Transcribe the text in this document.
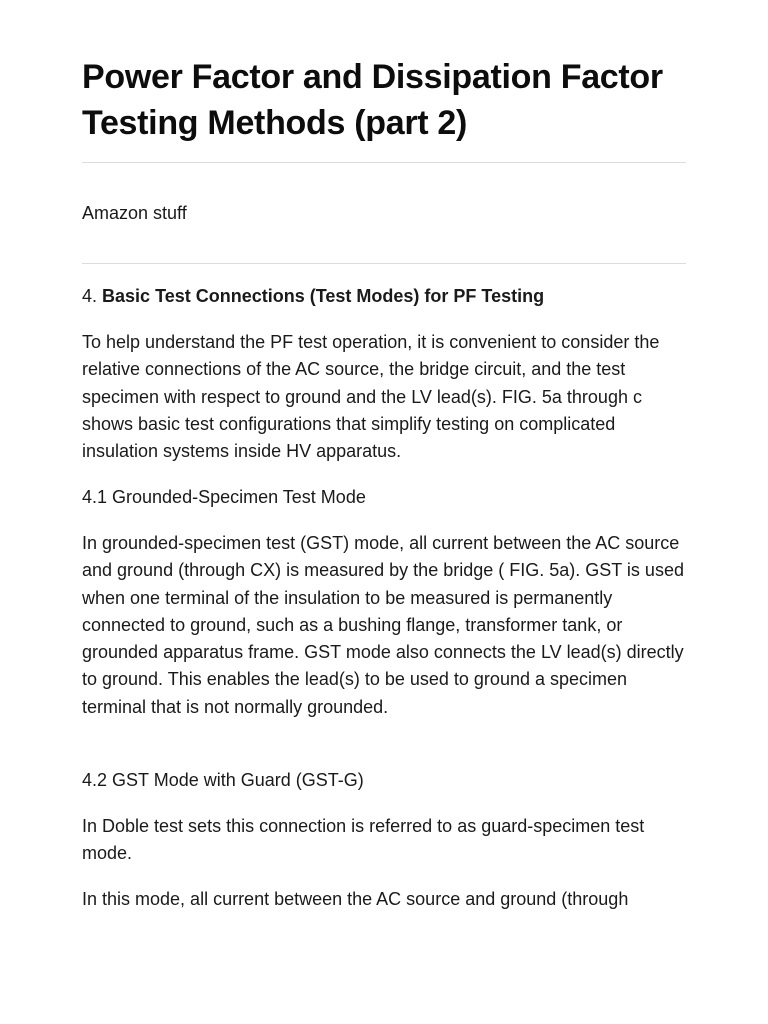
Power Factor and Dissipation Factor Testing Methods (part 2)
Amazon stuff

4. Basic Test Connections (Test Modes) for PF Testing

To help understand the PF test operation, it is convenient to consider the relative connections of the AC source, the bridge circuit, and the test specimen with respect to ground and the LV lead(s). FIG. 5a through c shows basic test configurations that simplify testing on complicated insulation systems inside HV apparatus.

4.1 Grounded-Specimen Test Mode

In grounded-specimen test (GST) mode, all current between the AC source and ground (through CX) is measured by the bridge ( FIG. 5a). GST is used when one terminal of the insulation to be measured is permanently connected to ground, such as a bushing flange, transformer tank, or grounded apparatus frame. GST mode also connects the LV lead(s) directly to ground. This enables the lead(s) to be used to ground a specimen terminal that is not normally grounded.

4.2 GST Mode with Guard (GST-G)

In Doble test sets this connection is referred to as guard-specimen test mode.

In this mode, all current between the AC source and ground (through
